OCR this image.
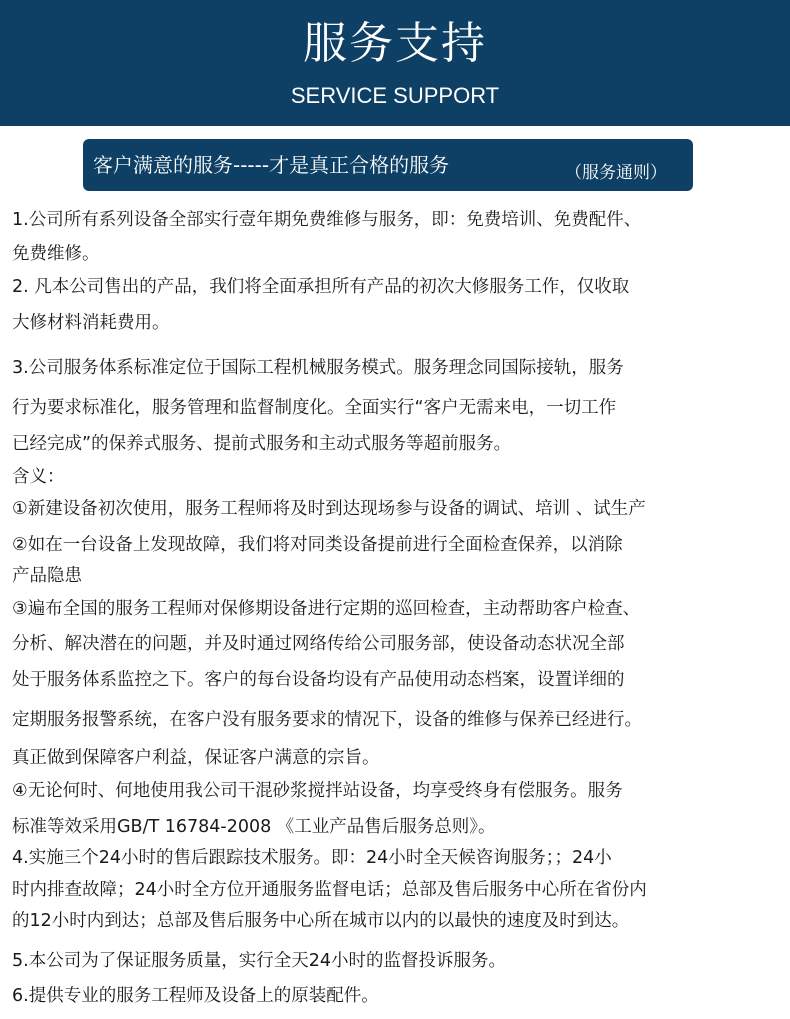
服务支持
SERVICE SUPPORT
客户满意的服务-----才是真正合格的服务	（服务通则）
1.公司所有系列设备全部实行壹年期免费维修与服务，即：免费培训、免费配件、
免费维修。
2. 凡本公司售出的产品，我们将全面承担所有产品的初次大修服务工作，仅收取
大修材料消耗费用。
3.公司服务体系标准定位于国际工程机械服务模式。服务理念同国际接轨，服务
行为要求标准化，服务管理和监督制度化。全面实行“客户无需来电，一切工作
已经完成”的保养式服务、提前式服务和主动式服务等超前服务。
含义：
①新建设备初次使用，服务工程师将及时到达现场参与设备的调试、培训 、试生产
②如在一台设备上发现故障，我们将对同类设备提前进行全面检查保养，以消除
产品隐患
③遍布全国的服务工程师对保修期设备进行定期的巡回检查，主动帮助客户检查、
分析、解决潜在的问题，并及时通过网络传给公司服务部，使设备动态状况全部
处于服务体系监控之下。客户的每台设备均设有产品使用动态档案，设置详细的
定期服务报警系统，在客户没有服务要求的情况下，设备的维修与保养已经进行。
真正做到保障客户利益，保证客户满意的宗旨。
④无论何时、何地使用我公司干混砂浆搅拌站设备，均享受终身有偿服务。服务
标准等效采用GB/T 16784-2008 《工业产品售后服务总则》。
4.实施三个24小时的售后跟踪技术服务。即：24小时全天候咨询服务；；24小
时内排查故障；24小时全方位开通服务监督电话；总部及售后服务中心所在省份内
的12小时内到达；总部及售后服务中心所在城市以内的以最快的速度及时到达。
5.本公司为了保证服务质量，实行全天24小时的监督投诉服务。
6.提供专业的服务工程师及设备上的原装配件。
